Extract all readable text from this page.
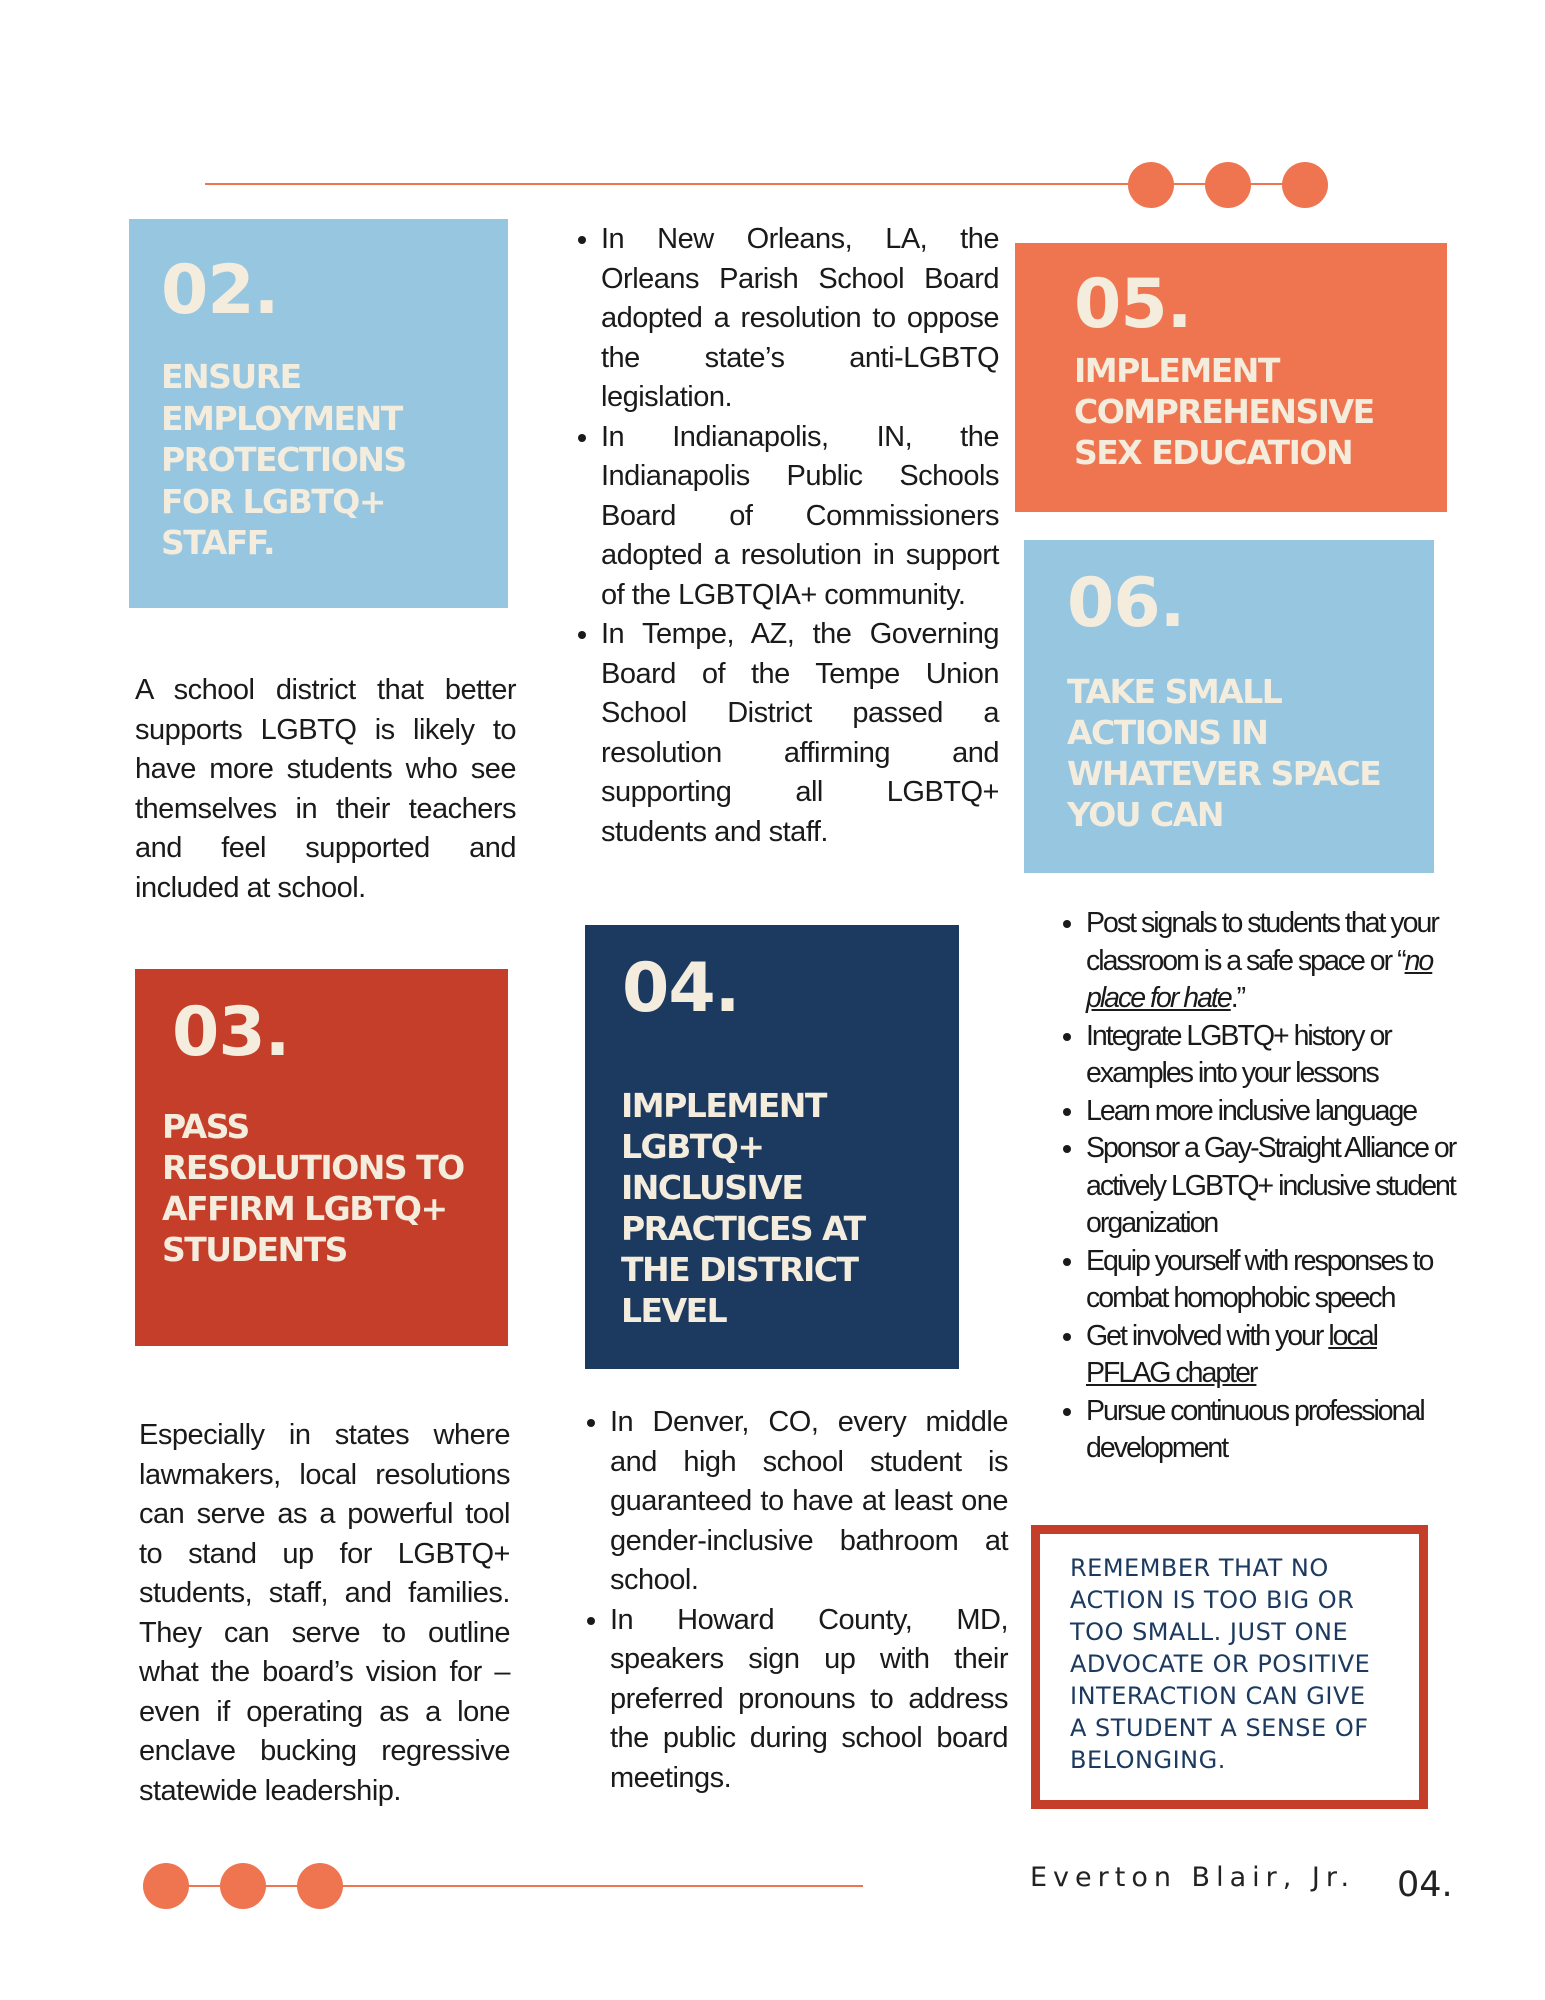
02.
ENSURE EMPLOYMENT PROTECTIONS FOR LGBTQ+ STAFF.
A school district that better supports LGBTQ is likely to have more students who see themselves in their teachers and feel supported and included at school.
03.
PASS RESOLUTIONS TO AFFIRM LGBTQ+ STUDENTS
Especially in states where lawmakers, local resolutions can serve as a powerful tool to stand up for LGBTQ+ students, staff, and families. They can serve to outline what the board’s vision for – even if operating as a lone enclave bucking regressive statewide leadership.
• In New Orleans, LA, the Orleans Parish School Board adopted a resolution to oppose the state’s anti-LGBTQ legislation.
• In Indianapolis, IN, the Indianapolis Public Schools Board of Commissioners adopted a resolution in support of the LGBTQIA+ community.
• In Tempe, AZ, the Governing Board of the Tempe Union School District passed a resolution affirming and supporting all LGBTQ+ students and staff.
04.
IMPLEMENT LGBTQ+ INCLUSIVE PRACTICES AT THE DISTRICT LEVEL
• In Denver, CO, every middle and high school student is guaranteed to have at least one gender-inclusive bathroom at school.
• In Howard County, MD, speakers sign up with their preferred pronouns to address the public during school board meetings.
05.
IMPLEMENT COMPREHENSIVE SEX EDUCATION
06.
TAKE SMALL ACTIONS IN WHATEVER SPACE YOU CAN
• Post signals to students that your classroom is a safe space or “no place for hate.”
• Integrate LGBTQ+ history or examples into your lessons
• Learn more inclusive language
• Sponsor a Gay-Straight Alliance or actively LGBTQ+ inclusive student organization
• Equip yourself with responses to combat homophobic speech
• Get involved with your local PFLAG chapter
• Pursue continuous professional development

REMEMBER THAT NO ACTION IS TOO BIG OR TOO SMALL. JUST ONE ADVOCATE OR POSITIVE INTERACTION CAN GIVE A STUDENT A SENSE OF BELONGING.

Everton Blair, Jr. 04.
